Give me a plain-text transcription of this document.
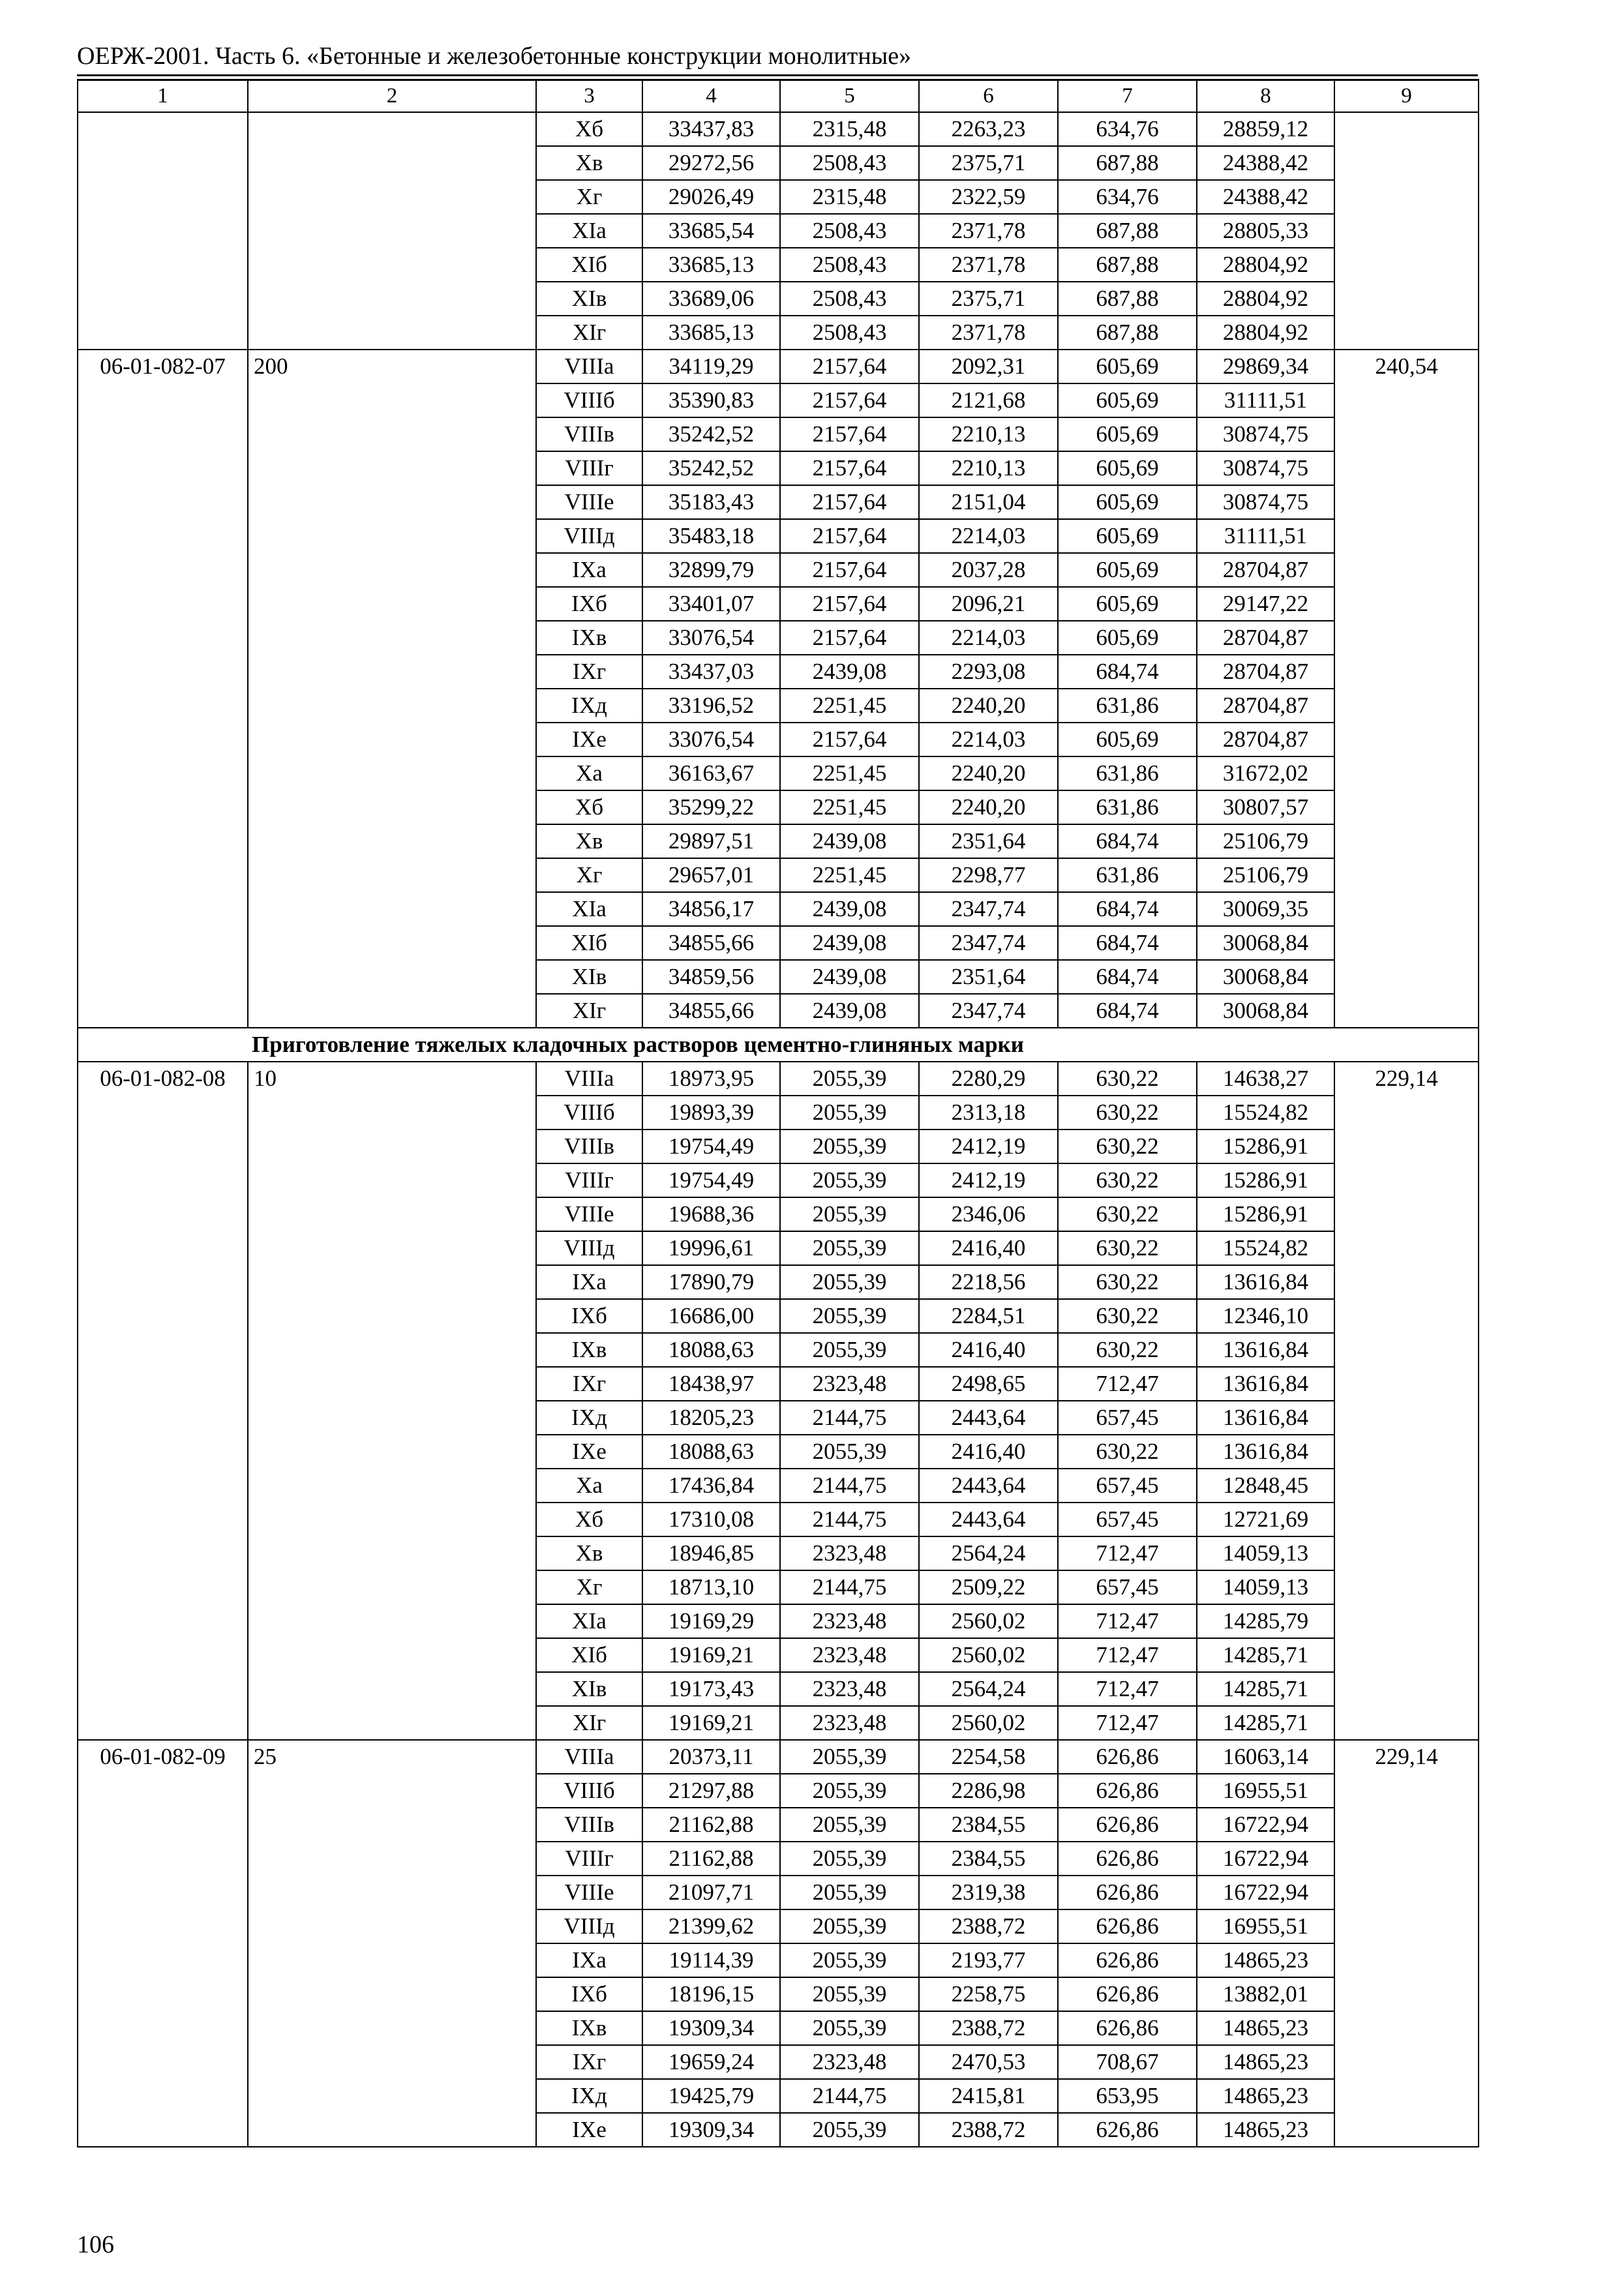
ОЕРЖ-2001. Часть 6. «Бетонные и железобетонные конструкции монолитные»
1	2	3	4	5	6	7	8	9
		Xб	33437,83	2315,48	2263,23	634,76	28859,12	
		Xв	29272,56	2508,43	2375,71	687,88	24388,42	
		Xг	29026,49	2315,48	2322,59	634,76	24388,42	
		XIa	33685,54	2508,43	2371,78	687,88	28805,33	
		XIб	33685,13	2508,43	2371,78	687,88	28804,92	
		XIв	33689,06	2508,43	2375,71	687,88	28804,92	
		XIг	33685,13	2508,43	2371,78	687,88	28804,92	
06-01-082-07	200	VIIIa	34119,29	2157,64	2092,31	605,69	29869,34	240,54
		VIIIб	35390,83	2157,64	2121,68	605,69	31111,51	
		VIIIв	35242,52	2157,64	2210,13	605,69	30874,75	
		VIIIг	35242,52	2157,64	2210,13	605,69	30874,75	
		VIIIe	35183,43	2157,64	2151,04	605,69	30874,75	
		VIIIд	35483,18	2157,64	2214,03	605,69	31111,51	
		IXa	32899,79	2157,64	2037,28	605,69	28704,87	
		IXб	33401,07	2157,64	2096,21	605,69	29147,22	
		IXв	33076,54	2157,64	2214,03	605,69	28704,87	
		IXг	33437,03	2439,08	2293,08	684,74	28704,87	
		IXд	33196,52	2251,45	2240,20	631,86	28704,87	
		IXe	33076,54	2157,64	2214,03	605,69	28704,87	
		Xa	36163,67	2251,45	2240,20	631,86	31672,02	
		Xб	35299,22	2251,45	2240,20	631,86	30807,57	
		Xв	29897,51	2439,08	2351,64	684,74	25106,79	
		Xг	29657,01	2251,45	2298,77	631,86	25106,79	
		XIa	34856,17	2439,08	2347,74	684,74	30069,35	
		XIб	34855,66	2439,08	2347,74	684,74	30068,84	
		XIв	34859,56	2439,08	2351,64	684,74	30068,84	
		XIг	34855,66	2439,08	2347,74	684,74	30068,84	
Приготовление тяжелых кладочных растворов цементно-глиняных марки								
06-01-082-08	10	VIIIa	18973,95	2055,39	2280,29	630,22	14638,27	229,14
		VIIIб	19893,39	2055,39	2313,18	630,22	15524,82	
		VIIIв	19754,49	2055,39	2412,19	630,22	15286,91	
		VIIIг	19754,49	2055,39	2412,19	630,22	15286,91	
		VIIIe	19688,36	2055,39	2346,06	630,22	15286,91	
		VIIIд	19996,61	2055,39	2416,40	630,22	15524,82	
		IXa	17890,79	2055,39	2218,56	630,22	13616,84	
		IXб	16686,00	2055,39	2284,51	630,22	12346,10	
		IXв	18088,63	2055,39	2416,40	630,22	13616,84	
		IXг	18438,97	2323,48	2498,65	712,47	13616,84	
		IXд	18205,23	2144,75	2443,64	657,45	13616,84	
		IXe	18088,63	2055,39	2416,40	630,22	13616,84	
		Xa	17436,84	2144,75	2443,64	657,45	12848,45	
		Xб	17310,08	2144,75	2443,64	657,45	12721,69	
		Xв	18946,85	2323,48	2564,24	712,47	14059,13	
		Xг	18713,10	2144,75	2509,22	657,45	14059,13	
		XIa	19169,29	2323,48	2560,02	712,47	14285,79	
		XIб	19169,21	2323,48	2560,02	712,47	14285,71	
		XIв	19173,43	2323,48	2564,24	712,47	14285,71	
		XIг	19169,21	2323,48	2560,02	712,47	14285,71	
06-01-082-09	25	VIIIa	20373,11	2055,39	2254,58	626,86	16063,14	229,14
		VIIIб	21297,88	2055,39	2286,98	626,86	16955,51	
		VIIIв	21162,88	2055,39	2384,55	626,86	16722,94	
		VIIIг	21162,88	2055,39	2384,55	626,86	16722,94	
		VIIIe	21097,71	2055,39	2319,38	626,86	16722,94	
		VIIIд	21399,62	2055,39	2388,72	626,86	16955,51	
		IXa	19114,39	2055,39	2193,77	626,86	14865,23	
		IXб	18196,15	2055,39	2258,75	626,86	13882,01	
		IXв	19309,34	2055,39	2388,72	626,86	14865,23	
		IXг	19659,24	2323,48	2470,53	708,67	14865,23	
		IXд	19425,79	2144,75	2415,81	653,95	14865,23	
		IXe	19309,34	2055,39	2388,72	626,86	14865,23	
106
